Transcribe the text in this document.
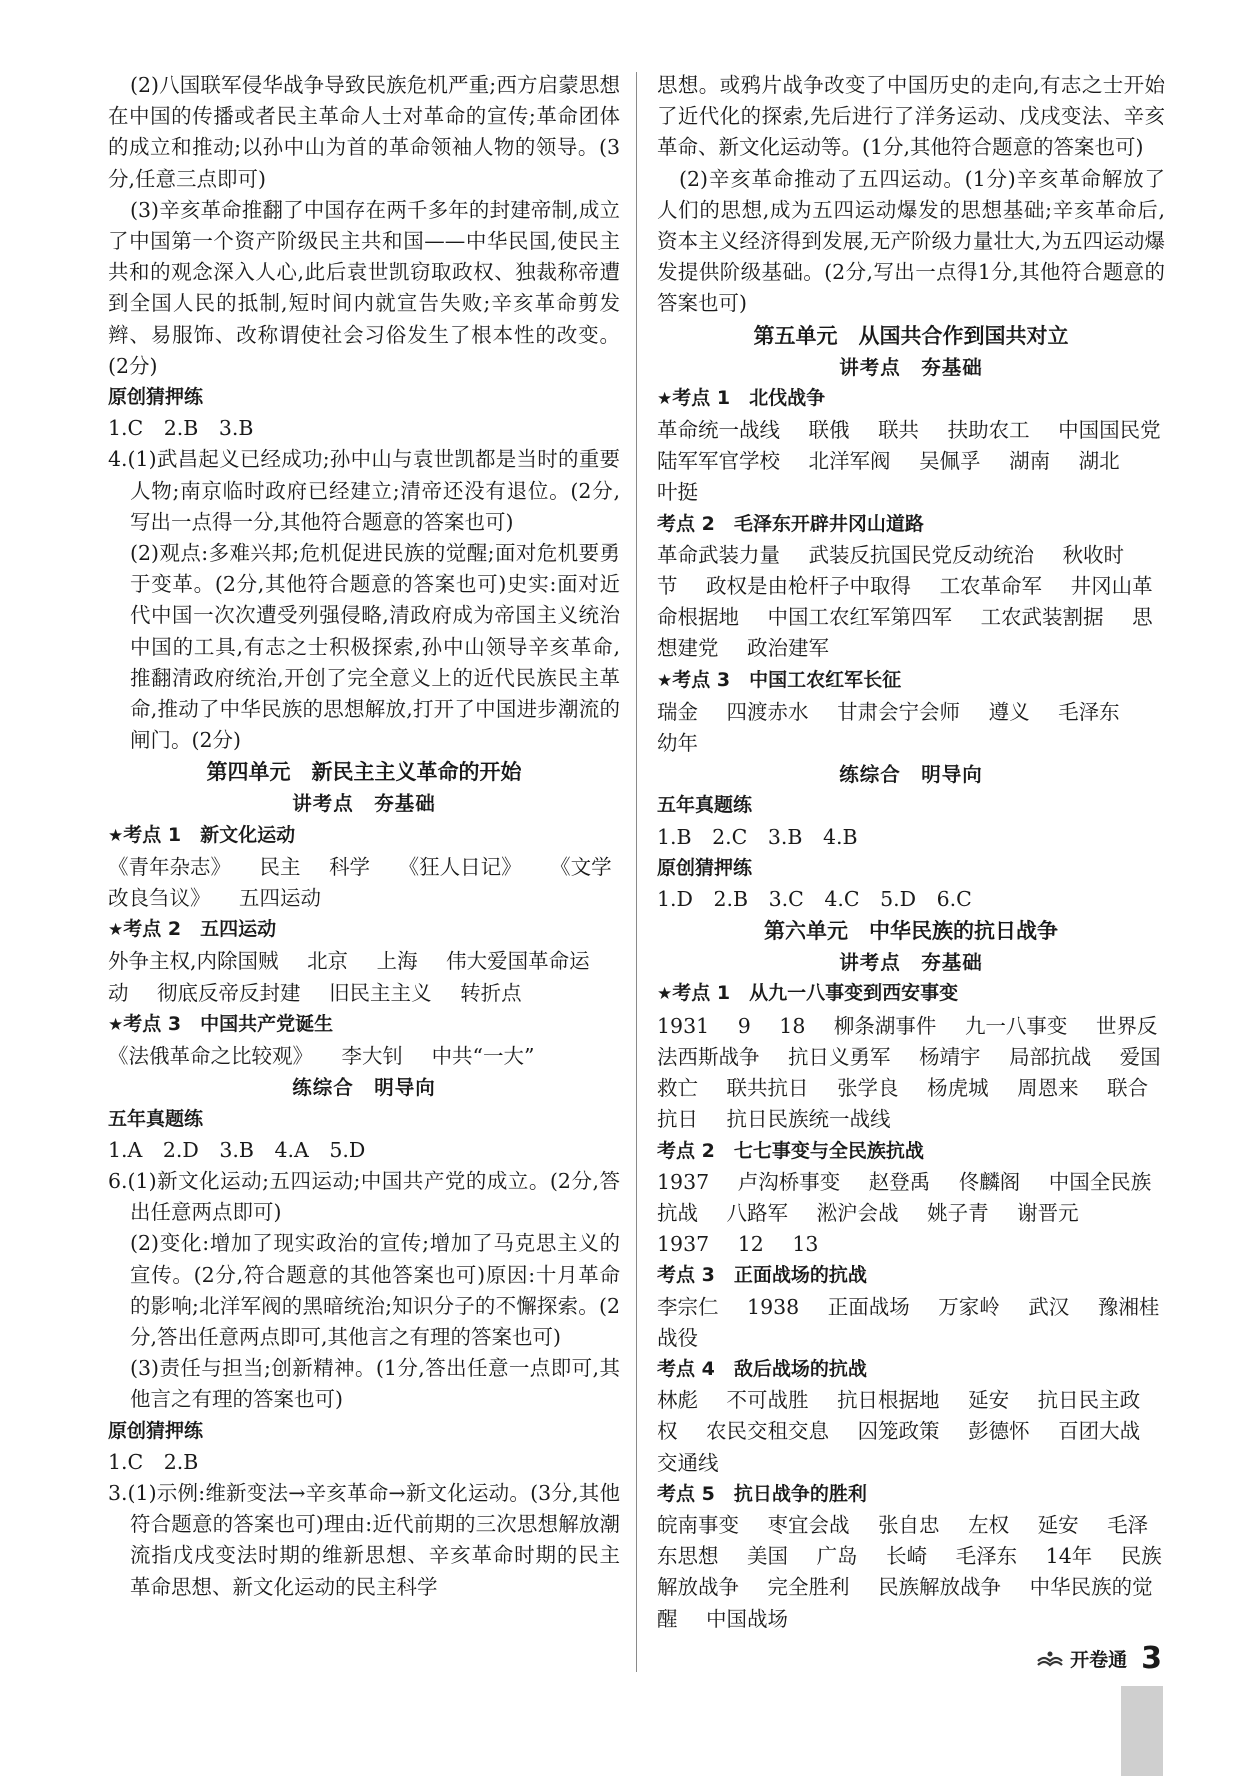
(2)八国联军侵华战争导致民族危机严重;西方启蒙思想在中国的传播或者民主革命人士对革命的宣传;革命团体的成立和推动;以孙中山为首的革命领袖人物的领导。(3分,任意三点即可)

(3)辛亥革命推翻了中国存在两千多年的封建帝制,成立了中国第一个资产阶级民主共和国——中华民国,使民主共和的观念深入人心,此后袁世凯窃取政权、独裁称帝遭到全国人民的抵制,短时间内就宣告失败;辛亥革命剪发辫、易服饰、改称谓使社会习俗发生了根本性的改变。(2分)

原创猜押练

1.C　2.B　3.B

4.(1)武昌起义已经成功;孙中山与袁世凯都是当时的重要人物;南京临时政府已经建立;清帝还没有退位。(2分,写出一点得一分,其他符合题意的答案也可)

(2)观点:多难兴邦;危机促进民族的觉醒;面对危机要勇于变革。(2分,其他符合题意的答案也可)史实:面对近代中国一次次遭受列强侵略,清政府成为帝国主义统治中国的工具,有志之士积极探索,孙中山领导辛亥革命,推翻清政府统治,开创了完全意义上的近代民族民主革命,推动了中华民族的思想解放,打开了中国进步潮流的闸门。(2分)

第四单元　新民主主义革命的开始

讲考点　夯基础

★考点 1　新文化运动

《青年杂志》 民主 科学 《狂人日记》 《文学改良刍议》 五四运动

★考点 2　五四运动

外争主权,内除国贼 北京 上海 伟大爱国革命运动 彻底反帝反封建 旧民主主义 转折点

★考点 3　中国共产党诞生

《法俄革命之比较观》 李大钊 中共“一大”

练综合　明导向

五年真题练

1.A　2.D　3.B　4.A　5.D

6.(1)新文化运动;五四运动;中国共产党的成立。(2分,答出任意两点即可)

(2)变化:增加了现实政治的宣传;增加了马克思主义的宣传。(2分,符合题意的其他答案也可)原因:十月革命的影响;北洋军阀的黑暗统治;知识分子的不懈探索。(2分,答出任意两点即可,其他言之有理的答案也可)

(3)责任与担当;创新精神。(1分,答出任意一点即可,其他言之有理的答案也可)

原创猜押练

1.C　2.B

3.(1)示例:维新变法→辛亥革命→新文化运动。(3分,其他符合题意的答案也可)理由:近代前期的三次思想解放潮流指戊戌变法时期的维新思想、辛亥革命时期的民主革命思想、新文化运动的民主科学

思想。或鸦片战争改变了中国历史的走向,有志之士开始了近代化的探索,先后进行了洋务运动、戊戌变法、辛亥革命、新文化运动等。(1分,其他符合题意的答案也可)

(2)辛亥革命推动了五四运动。(1分)辛亥革命解放了人们的思想,成为五四运动爆发的思想基础;辛亥革命后,资本主义经济得到发展,无产阶级力量壮大,为五四运动爆发提供阶级基础。(2分,写出一点得1分,其他符合题意的答案也可)

第五单元　从国共合作到国共对立

讲考点　夯基础

★考点 1　北伐战争

革命统一战线 联俄 联共 扶助农工 中国国民党陆军军官学校 北洋军阀 吴佩孚 湖南 湖北 叶挺

考点 2　毛泽东开辟井冈山道路

革命武装力量 武装反抗国民党反动统治 秋收时节 政权是由枪杆子中取得 工农革命军 井冈山革命根据地 中国工农红军第四军 工农武装割据 思想建党 政治建军

★考点 3　中国工农红军长征

瑞金 四渡赤水 甘肃会宁会师 遵义 毛泽东 幼年

练综合　明导向

五年真题练

1.B　2.C　3.B　4.B

原创猜押练

1.D　2.B　3.C　4.C　5.D　6.C

第六单元　中华民族的抗日战争

讲考点　夯基础

★考点 1　从九一八事变到西安事变

1931 9 18 柳条湖事件 九一八事变 世界反法西斯战争 抗日义勇军 杨靖宇 局部抗战 爱国救亡 联共抗日 张学良 杨虎城 周恩来 联合抗日 抗日民族统一战线

考点 2　七七事变与全民族抗战

1937 卢沟桥事变 赵登禹 佟麟阁 中国全民族抗战 八路军 淞沪会战 姚子青 谢晋元 1937 12 13

考点 3　正面战场的抗战

李宗仁 1938 正面战场 万家岭 武汉 豫湘桂战役

考点 4　敌后战场的抗战

林彪 不可战胜 抗日根据地 延安 抗日民主政权 农民交租交息 囚笼政策 彭德怀 百团大战 交通线

考点 5　抗日战争的胜利

皖南事变 枣宜会战 张自忠 左权 延安 毛泽东思想 美国 广岛 长崎 毛泽东 14年 民族解放战争 完全胜利 民族解放战争 中华民族的觉醒 中国战场

开卷通 3
